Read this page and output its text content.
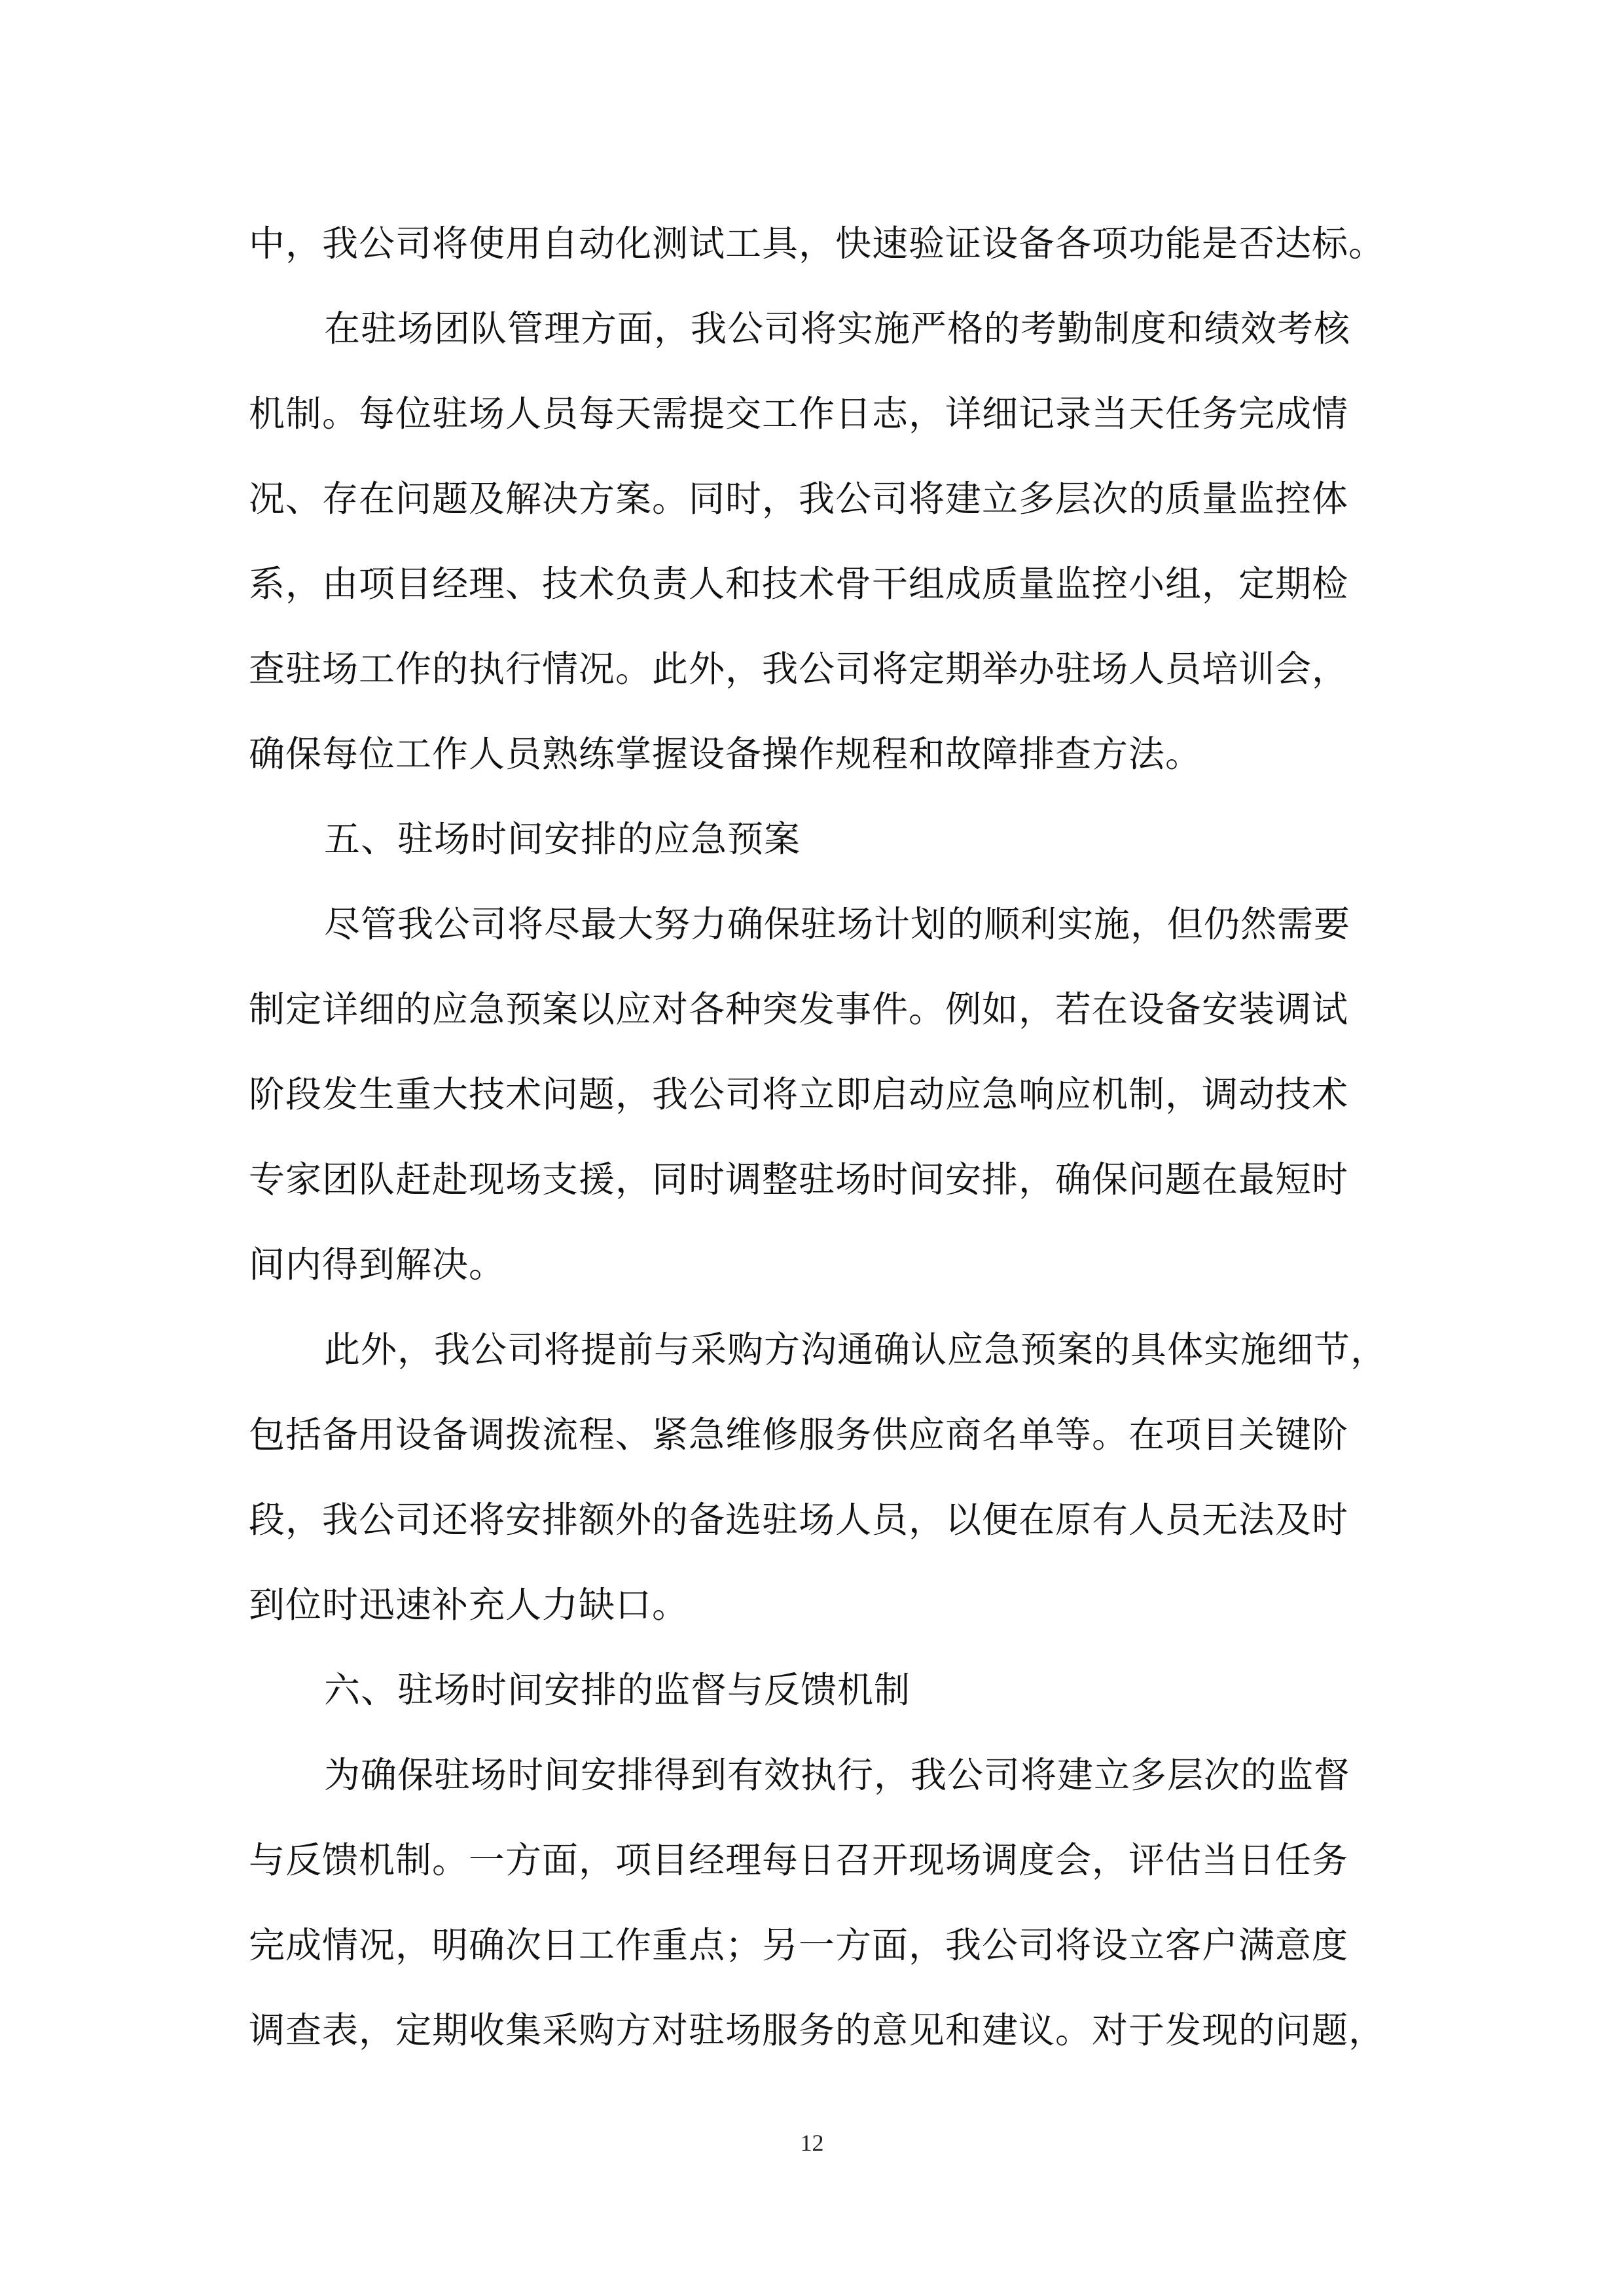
中，我公司将使用自动化测试工具，快速验证设备各项功能是否达标。
在驻场团队管理方面，我公司将实施严格的考勤制度和绩效考核
机制。每位驻场人员每天需提交工作日志，详细记录当天任务完成情
况、存在问题及解决方案。同时，我公司将建立多层次的质量监控体
系，由项目经理、技术负责人和技术骨干组成质量监控小组，定期检
查驻场工作的执行情况。此外，我公司将定期举办驻场人员培训会，
确保每位工作人员熟练掌握设备操作规程和故障排查方法。
五、驻场时间安排的应急预案
尽管我公司将尽最大努力确保驻场计划的顺利实施，但仍然需要
制定详细的应急预案以应对各种突发事件。例如，若在设备安装调试
阶段发生重大技术问题，我公司将立即启动应急响应机制，调动技术
专家团队赶赴现场支援，同时调整驻场时间安排，确保问题在最短时
间内得到解决。
此外，我公司将提前与采购方沟通确认应急预案的具体实施细节，
包括备用设备调拨流程、紧急维修服务供应商名单等。在项目关键阶
段，我公司还将安排额外的备选驻场人员，以便在原有人员无法及时
到位时迅速补充人力缺口。
六、驻场时间安排的监督与反馈机制
为确保驻场时间安排得到有效执行，我公司将建立多层次的监督
与反馈机制。一方面，项目经理每日召开现场调度会，评估当日任务
完成情况，明确次日工作重点；另一方面，我公司将设立客户满意度
调查表，定期收集采购方对驻场服务的意见和建议。对于发现的问题，
12
